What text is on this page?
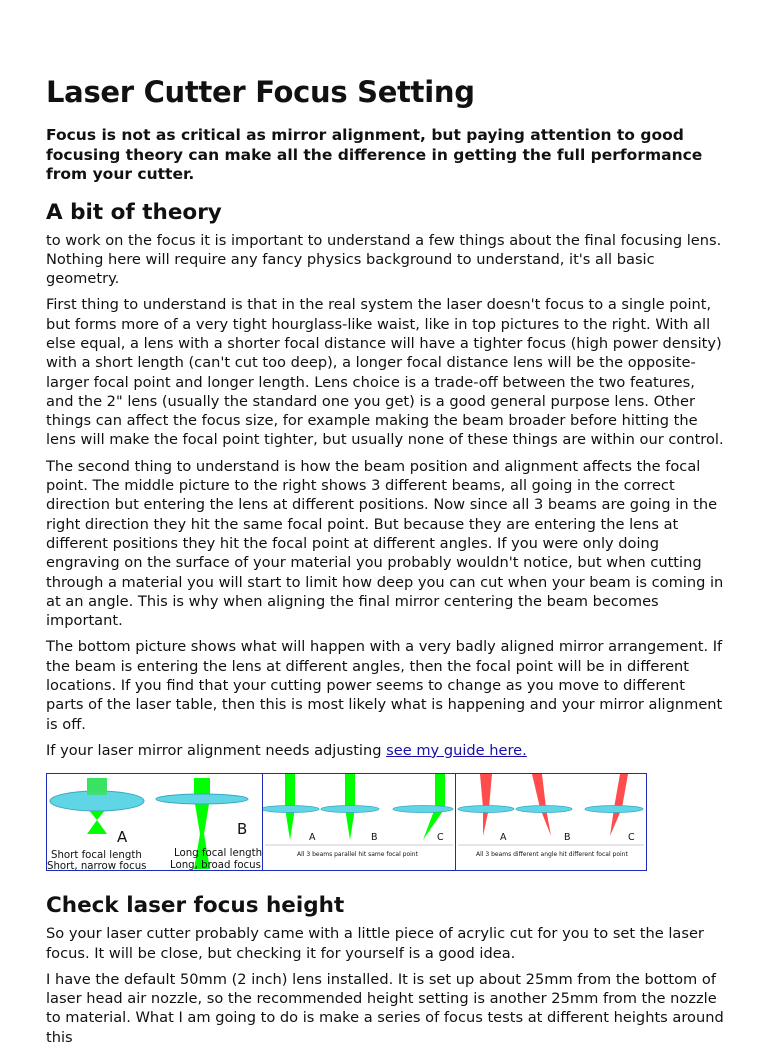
Laser Cutter Focus Setting

Focus is not as critical as mirror alignment, but paying attention to good focusing theory can make all the difference in getting the full performance from your cutter.

A bit of theory

to work on the focus it is important to understand a few things about the final focusing lens. Nothing here will require any fancy physics background to understand, it's all basic geometry.

First thing to understand is that in the real system the laser doesn't focus to a single point, but forms more of a very tight hourglass-like waist, like in top pictures to the right. With all else equal, a lens with a shorter focal distance will have a tighter focus (high power density) with a short length (can't cut too deep), a longer focal distance lens will be the opposite- larger focal point and longer length. Lens choice is a trade-off between the two features, and the 2" lens (usually the standard one you get) is a good general purpose lens. Other things can affect the focus size, for example making the beam broader before hitting the lens will make the focal point tighter, but usually none of these things are within our control.

The second thing to understand is how the beam position and alignment affects the focal point. The middle picture to the right shows 3 different beams, all going in the correct direction but entering the lens at different positions. Now since all 3 beams are going in the right direction they hit the same focal point. But because they are entering the lens at different positions they hit the focal point at different angles. If you were only doing engraving on the surface of your material you probably wouldn't notice, but when cutting through a material you will start to limit how deep you can cut when your beam is coming in at an angle. This is why when aligning the final mirror centering the beam becomes important.

The bottom picture shows what will happen with a very badly aligned mirror arrangement. If the beam is entering the lens at different angles, then the focal point will be in different locations. If you find that your cutting power seems to change as you move to different parts of the laser table, then this is most likely what is happening and your mirror alignment is off.

If your laser mirror alignment needs adjusting see my guide here.

A
Short focal length
Short, narrow focus
B
Long focal length
Long, broad focus
A	B	C
All 3 beams parallel hit same focal point
A	B	C
All 3 beams different angle hit different focal point
Check laser focus height

So your laser cutter probably came with a little piece of acrylic cut for you to set the laser focus. It will be close, but checking it for yourself is a good idea.

I have the default 50mm (2 inch) lens installed. It is set up about 25mm from the bottom of laser head air nozzle, so the recommended height setting is another 25mm from the nozzle to material. What I am going to do is make a series of focus tests at different heights around this
